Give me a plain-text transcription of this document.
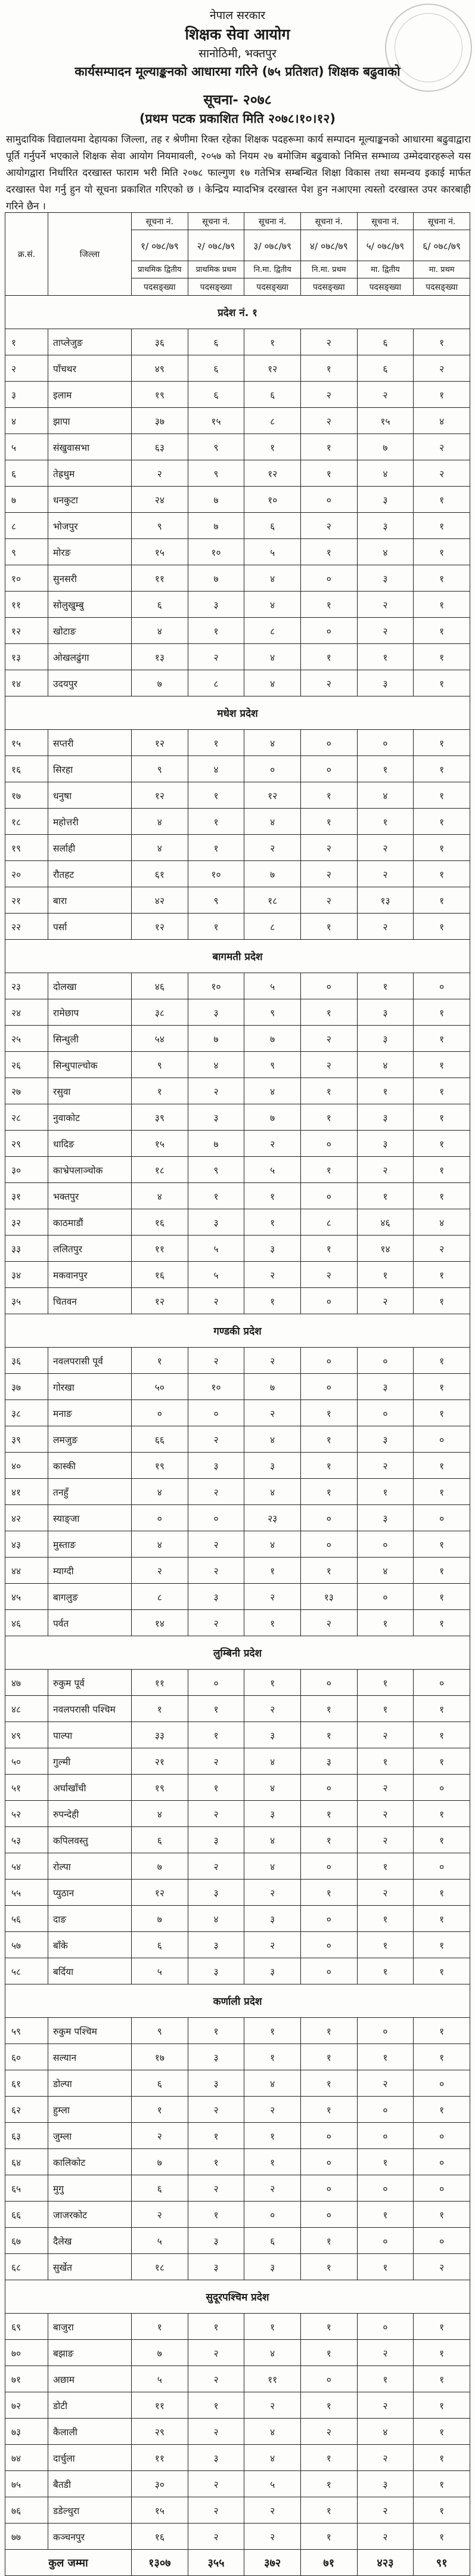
नेपाल सरकार
शिक्षक सेवा आयोग
सानोठिमी, भक्तपुर
कार्यसम्पादन मूल्याङ्कनको आधारमा गरिने (७५ प्रतिशत) शिक्षक बढुवाको
सूचना- २०७८
(प्रथम पटक प्रकाशित मिति २०७८।१०।१२)
सामुदायिक विद्यालयमा देहायका जिल्ला, तह र श्रेणीमा रिक्त रहेका शिक्षक पदहरूमा कार्य सम्पादन मूल्याङ्कनको आधारमा बढुवाद्वारा पूर्ति गर्नुपर्ने भएकाले शिक्षक सेवा आयोग नियमावली, २०५७ को नियम २७ बमोजिम बढुवाको निमित्त सम्भाव्य उम्मेदवारहरूले यस आयोगद्वारा निर्धारित दरखास्त फाराम भरी मिति २०७८ फाल्गुण १७ गतेभित्र सम्बन्धित शिक्षा विकास तथा समन्वय इकाई मार्फत दरखास्त पेश गर्नु हुन यो सूचना प्रकाशित गरिएको छ । केन्द्रिय म्यादभित्र दरखास्त पेश हुन नआएमा त्यस्तो दरखास्त उपर कारबाही गरिने छैन ।
क्र.सं.	जिल्ला	सूचना नं.	सूचना नं.	सूचना नं.	सूचना नं.	सूचना नं.	सूचना नं.
		१/ ०७८/७९	२/ ०७८/७९	३/ ०७८/७९	४/ ०७८/७९	५/ ०७८/७९	६/ ०७८/७९
		प्राथमिक द्वितीय	प्राथमिक प्रथम	नि.मा. द्वितीय	नि.मा. प्रथम	मा. द्वितीय	मा. प्रथम
		पदसङ्ख्या	पदसङ्ख्या	पदसङ्ख्या	पदसङ्ख्या	पदसङ्ख्या	पदसङ्ख्या
प्रदेश नं. १							
१	ताप्लेजुङ	३६	६	१	२	६	१
२	पाँचथर	४९	६	१२	१	६	२
३	इलाम	१९	६	६	२	२	१
४	झापा	३७	१५	८	२	१५	४
५	संखुवासभा	६३	९	१	१	७	२
६	तेह्रथुम	२	९	१२	१	४	२
७	धनकुटा	२४	७	१०	०	३	१
८	भोजपुर	९	७	६	२	३	१
९	मोरङ	१५	१०	५	१	४	१
१०	सुनसरी	११	७	४	०	३	१
११	सोलुखुम्बु	६	३	४	१	२	१
१२	खोटाङ	४	१	८	०	२	१
१३	ओखलढुंगा	१३	२	४	१	१	१
१४	उदयपुर	७	८	४	२	३	१
मधेश प्रदेश							
१५	सप्तरी	१२	१	४	०	०	१
१६	सिरहा	९	४	०	०	१	१
१७	धनुषा	१२	१	१२	१	४	१
१८	महोत्तरी	४	१	४	१	१	१
१९	सर्लाही	४	१	२	२	२	१
२०	रौतहट	६१	१०	७	२	२	१
२१	बारा	४२	९	१८	२	१३	१
२२	पर्सा	१२	१	८	१	२	१
बागमती प्रदेश							
२३	दोलखा	४६	१०	५	०	१	०
२४	रामेछाप	३८	३	९	१	३	१
२५	सिन्धुली	५४	७	७	२	३	१
२६	सिन्धुपाल्चोक	९	४	९	२	४	१
२७	रसुवा	१	२	४	१	१	१
२८	नुवाकोट	३९	३	७	१	३	१
२९	धादिङ	१५	७	२	०	३	१
३०	काभ्रेपलाञ्चोक	१८	९	५	१	२	१
३१	भक्तपुर	४	१	१	०	१	१
३२	काठमाडौं	१६	३	१	८	४६	४
३३	ललितपुर	११	५	३	१	१४	२
३४	मकवानपुर	१६	५	२	२	१	१
३५	चितवन	१२	२	१	०	२	१
गण्डकी प्रदेश							
३६	नवलपरासी पूर्व	१	२	२	०	०	१
३७	गोरखा	५०	१०	७	०	३	१
३८	मनाङ	०	०	२	१	०	१
३९	लमजुङ	६६	२	४	१	३	०
४०	कास्की	१९	३	३	१	२	१
४१	तनहुँ	४	२	४	१	१	१
४२	स्याङ्जा	०	०	२३	०	३	०
४३	मुस्ताङ	४	२	४	०	०	१
४४	म्याग्दी	२	२	१	१	४	१
४५	बागलुङ	८	३	२	१३	०	१
४६	पर्वत	१४	२	१	२	१	१
लुम्बिनी प्रदेश							
४७	रुकुम पूर्व	११	०	१	०	१	०
४८	नवलपरासी पश्चिम	१	१	२	१	१	१
४९	पाल्पा	३३	१	३	१	२	१
५०	गुल्मी	२१	२	४	३	१	१
५१	अर्घाखाँची	१९	१	४	०	२	०
५२	रुपन्देही	४	२	३	१	२	१
५३	कपिलवस्तु	६	३	४	१	२	१
५४	रोल्पा	७	२	४	०	१	०
५५	प्युठान	१२	३	२	१	२	१
५६	दाङ	७	४	३	०	१	१
५७	बाँके	६	३	२	०	१	१
५८	बर्दिया	५	३	३	०	१	१
कर्णाली प्रदेश							
५९	रुकुम पश्चिम	९	१	१	१	०	१
६०	सल्यान	१७	३	१	१	१	१
६१	डोल्पा	६	३	४	१	२	०
६२	हुम्ला	१	२	२	१	०	१
६३	जुम्ला	२	१	१	०	०	०
६४	कालिकोट	७	१	१	०	१	०
६५	मुगु	६	२	२	०	०	०
६६	जाजरकोट	२	१	०	०	१	१
६७	दैलेख	५	३	६	१	०	०
६८	सुर्खेत	१८	३	३	१	१	२
सुदूरपश्चिम प्रदेश							
६९	बाजुरा	१	१	१	१	०	१
७०	बझाङ	७	२	४	१	२	१
७१	अछाम	५	२	११	०	१	१
७२	डोटी	११	१	२	१	२	१
७३	कैलाली	२९	२	४	२	४	१
७४	दार्चुला	११	३	४	१	२	१
७५	बैतडी	३०	२	५	१	३	१
७६	डडेल्धुरा	१५	२	२	१	२	१
७७	कञ्चनपुर	१६	२	२	१	२	१
कुल जम्मा		१३०७	३५५	३७२	७१	४२३	९१
